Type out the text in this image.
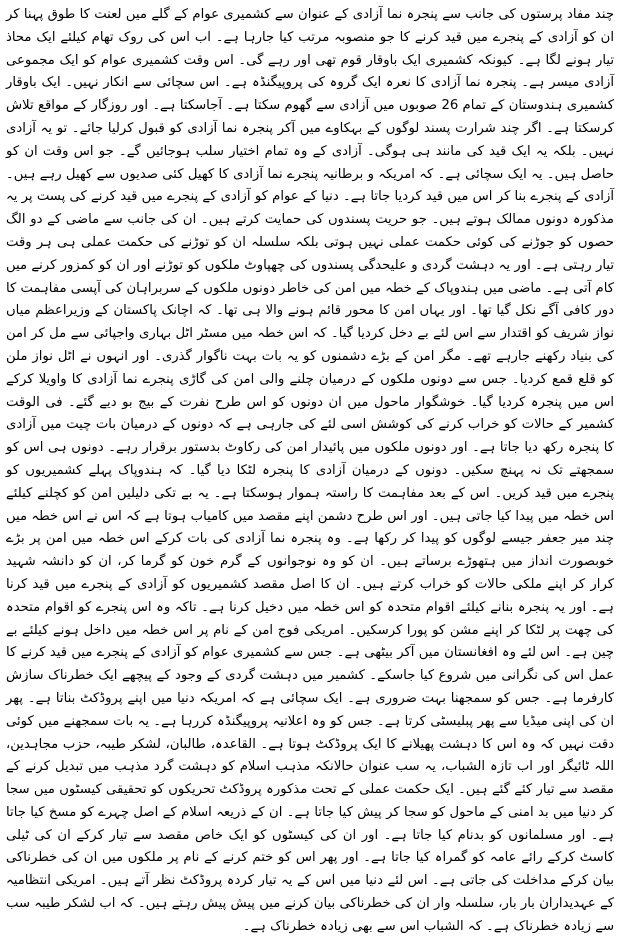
چند مفاد پرستوں کی جانب سے پنجرہ نما آزادی کے عنوان سے کشمیری عوام کے گلے میں لعنت کا طوق پہنا کر ان کو آزادی کے پنجرے میں قید کرنے کا جو منصوبہ مرتب کیا جارہا ہے۔ اب اس کی روک تھام کیلئے ایک محاذ تیار ہونے لگا ہے۔ کیونکہ کشمیری ایک باوقار قوم تھی اور رہے گی۔ اس وقت کشمیری عوام کو ایک مجموعی آزادی میسر ہے۔ پنجرہ نما آزادی کا نعرہ ایک گروہ کی پروپیگنڈہ ہے۔ اس سچائی سے انکار نہیں۔ ایک باوقار کشمیری ہندوستان کے تمام 26 صوبوں میں آزادی سے گھوم سکتا ہے۔ آجاسکتا ہے۔ اور روزگار کے مواقع تلاش کرسکتا ہے۔ اگر چند شرارت پسند لوگوں کے بہکاوے میں آکر پنجرہ نما آزادی کو قبول کرلیا جائے۔ تو یہ آزادی نہیں۔ بلکہ یہ ایک قید کی مانند ہی ہوگی۔ آزادی کے وہ تمام اختیار سلب ہوجائیں گے۔ جو اس وقت ان کو حاصل ہیں۔ یہ ایک سچائی ہے۔ کہ امریکہ و برطانیہ پنجرے نما آزادی کا کھیل کئی صدیوں سے کھیل رہے ہیں۔ آزادی کے پنجرے بنا کر اس میں قید کردیا جاتا ہے۔ دنیا کے عوام کو آزادی کے پنجرے میں قید کرنے کی پست پر یہ مذکورہ دونوں ممالک ہوتے ہیں۔ جو حریت پسندوں کی حمایت کرتے ہیں۔ ان کی جانب سے ماضی کے دو الگ حصوں کو جوڑنے کی کوئی حکمت عملی نہیں ہوتی بلکہ سلسلہ ان کو توڑنے کی حکمت عملی ہی ہر وقت تیار رہتی ہے۔ اور یہ دہشت گردی و علیحدگی پسندوں کی چھپاوٹ ملکوں کو توڑنے اور ان کو کمزور کرنے میں کام آتی ہے۔ ماضی میں ہندوپاک کے خطہ میں امن کی خاطر دونوں ملکوں کے سربراہان کی آپسی مفاہمت کا دور کافی آگے نکل گیا تھا۔ اور یہاں امن کا محور قائم ہونے والا ہی تھا۔ کہ اچانک پاکستان کے وزیراعظم میاں نواز شریف کو اقتدار سے اس لئے بے دخل کردیا گیا۔ کہ اس خطہ میں مسٹر اٹل بہاری واجپائی سے مل کر امن کی بنیاد رکھنے جارہے تھے۔ مگر امن کے بڑے دشمنوں کو یہ بات بہت ناگوار گذری۔ اور انہوں نے اٹل نواز ملن کو قلع قمع کردیا۔ جس سے دونوں ملکوں کے درمیان چلنے والی امن کی گاڑی پنجرے نما آزادی کا واویلا کرکے اس میں پنجرہ کردیا گیا۔ خوشگوار ماحول میں ان دونوں کو اس طرح نفرت کے بیج بو دیے گئے۔ فی الوقت کشمیر کے حالات کو خراب کرنے کی کوشش اسی لئے کی جارہی ہے کہ دونوں کے درمیان بات چیت میں آزادی کا پنجرہ رکھ دیا جاتا ہے۔ اور دونوں ملکوں میں پائیدار امن کی رکاوٹ بدستور برقرار رہے۔ دونوں ہی اس کو سمجھتے تک نہ پہنچ سکیں۔ دونوں کے درمیان آزادی کا پنجرہ لٹکا دیا گیا۔ کہ ہندوپاک پہلے کشمیریوں کو پنجرے میں قید کریں۔ اس کے بعد مفاہمت کا راستہ ہموار ہوسکتا ہے۔ یہ بے تکی دلیلیں امن کو کچلنے کیلئے اس خطہ میں پیدا کیا جاتی ہیں۔ اور اس طرح دشمن اپنے مقصد میں کامیاب ہوتا ہے کہ اس نے اس خطہ میں چند میر جعفر جیسے لوگوں کو پیدا کر رکھا ہے۔ وہ پنجرہ نما آزادی کی بات کرکے اس خطہ میں امن پر بڑے خوبصورت انداز میں ہتھوڑے برساتے ہیں۔ ان کو وہ نوجوانوں کے گرم خون کو گرما کر، ان کو دانشہ شہید کرار کر اپنے ملکی حالات کو خراب کرتے ہیں۔ ان کا اصل مقصد کشمیریوں کو آزادی کے پنجرے میں قید کرنا ہے۔ اور یہ پنجرہ بنانے کیلئے اقوام متحدہ کو اس خطہ میں دخیل کرنا ہے۔ تاکہ وہ اس پنجرے کو اقوام متحدہ کی چھت پر لٹکا کر اپنے مشن کو پورا کرسکیں۔ امریکی فوج امن کے نام پر اس خطہ میں داخل ہونے کیلئے بے چین ہے۔ اس لئے وہ افغانستان میں آکر بیٹھی ہے۔ جس سے کشمیری عوام کو آزادی کے پنجرے میں قید کرنے کا عمل اس کی نگرانی میں شروع کیا جاسکے۔ کشمیر میں دہشت گردی کے وجود کے پیچھے ایک خطرناک سازش کارفرما ہے۔ جس کو سمجھنا بہت ضروری ہے۔ ایک سچائی ہے کہ امریکہ دنیا میں اپنے پروڈکٹ بناتا ہے۔ پھر ان کی اپنی میڈیا سے پھر پبلیسٹی کرتا ہے۔ جس کو وہ اعلانیہ پروپیگنڈہ کررہا ہے۔ یہ بات سمجھنے میں کوئی دقت نہیں کہ وہ اس کا دہشت پھیلانے کا ایک پروڈکٹ ہوتا ہے۔ القاعدہ، طالبان، لشکر طیبہ، حزب مجاہدین، اللہ ٹائیگر اور اب تازہ الشباب، یہ سب عنوان حالانکہ مذہب اسلام کو دہشت گرد مذہب میں تبدیل کرنے کے مقصد سے تیار کئے گئے ہیں۔ ایک حکمت عملی کے تحت مذکورہ پروڈکٹ تحریکوں کو تحقیقی کیسٹوں میں سجا کر دنیا میں بد امنی کے ماحول کو سجا کر پیش کیا جاتا ہے۔ ان کے ذریعہ اسلام کے اصل چہرے کو مسخ کیا جاتا ہے۔ اور مسلمانوں کو بدنام کیا جاتا ہے۔ اور ان کی کیسٹوں کو ایک خاص مقصد سے تیار کرکے ان کی ٹیلی کاسٹ کرکے رائے عامہ کو گمراہ کیا جاتا ہے۔ اور پھر اس کو ختم کرنے کے نام پر ملکوں میں ان کی خطرناکی بیان کرکے مداخلت کی جاتی ہے۔ اس لئے دنیا میں اس کے یہ تیار کردہ پروڈکٹ نظر آتے ہیں۔ امریکی انتظامیہ کے عہدیداران بار بار، سلسلہ وار ان کی خطرناکی بیان کرنے میں پیش پیش رہتے ہیں۔ کہ اب لشکر طیبہ سب سے زیادہ خطرناک ہے۔ کہ الشباب اس سے بھی زیادہ خطرناک ہے۔
